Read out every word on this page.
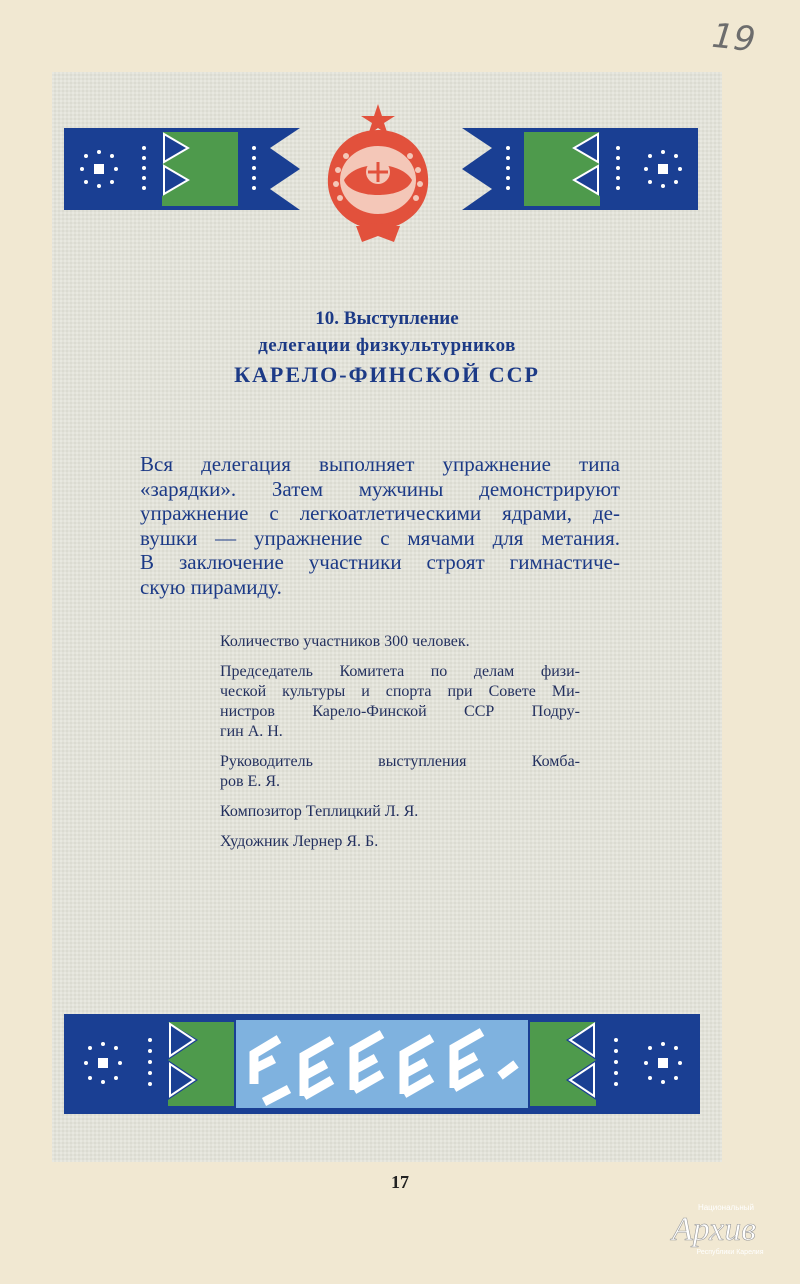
19
10. Выступление
делегации физкультурников
КАРЕЛО-ФИНСКОЙ ССР
Вся делегация выполняет упражнение типа
«зарядки». Затем мужчины демонстрируют
упражнение с легкоатлетическими ядрами, де-
вушки — упражнение с мячами для метания.
В заключение участники строят гимнастиче-
скую пирамиду.

Количество участников 300 человек.

Председатель Комитета по делам физи-
ческой культуры и спорта при Совете Ми-
нистров Карело-Финской ССР Подру-
гин А. Н.

Руководитель выступления Комба-
ров Е. Я.

Композитор Теплицкий Л. Я.

Художник Лернер Я. Б.

17
Национальный
Архив
Республики Карелия
